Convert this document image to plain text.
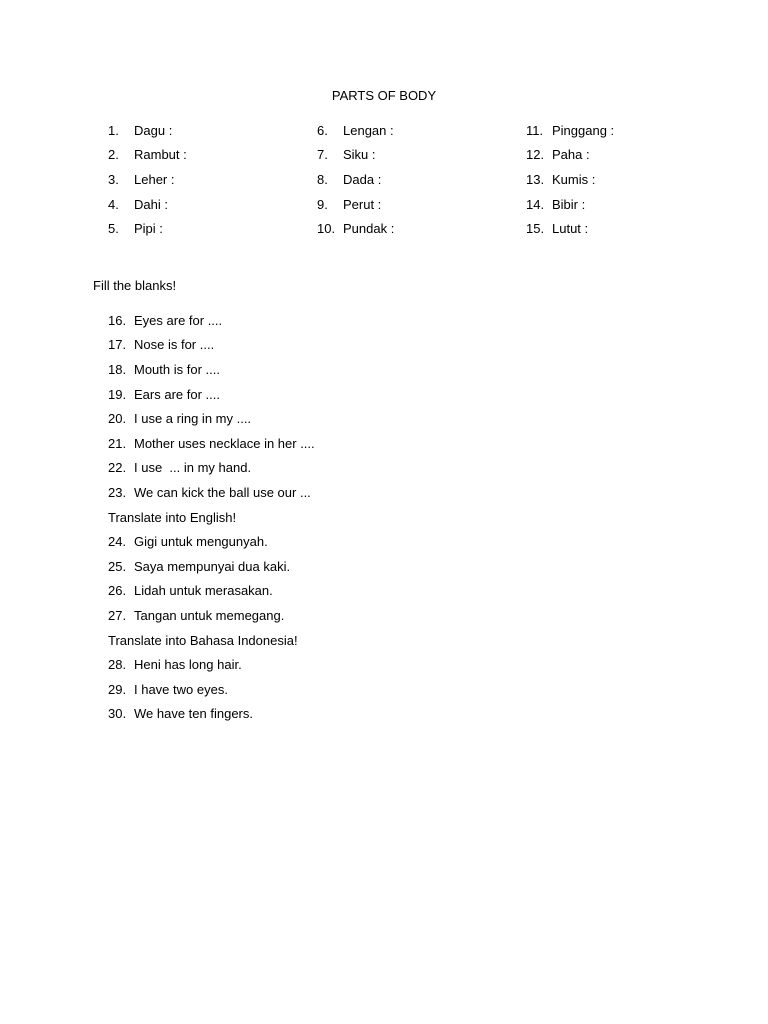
PARTS OF BODY
1.	Dagu :
2.	Rambut :
3.	Leher :
4.	Dahi :
5.	Pipi :
6.	Lengan :
7.	Siku :
8.	Dada :
9.	Perut :
10. Pundak :
11. Pinggang :
12. Paha :
13. Kumis :
14. Bibir :
15. Lutut :
Fill the blanks!
16. Eyes are for ....
17. Nose is for ....
18. Mouth is for ....
19. Ears are for ....
20. I use a ring in my ....
21. Mother uses necklace in her ....
22. I use  ... in my hand.
23. We can kick the ball use our ...
Translate into English!
24. Gigi untuk mengunyah.
25. Saya mempunyai dua kaki.
26. Lidah untuk merasakan.
27. Tangan untuk memegang.
Translate into Bahasa Indonesia!
28. Heni has long hair.
29. I have two eyes.
30. We have ten fingers.
